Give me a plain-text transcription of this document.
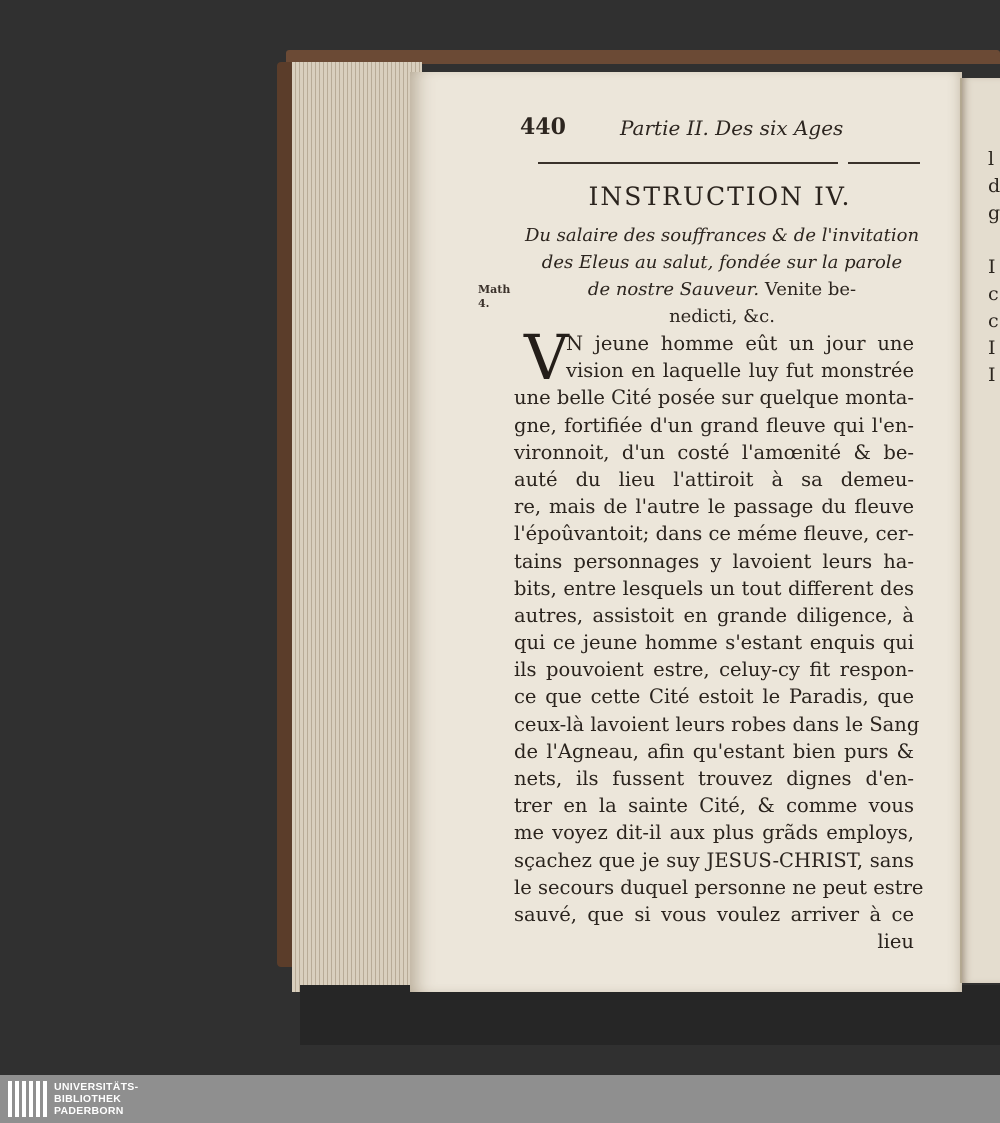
l
d
g
I
c
c
I
I
440	Partie II. Des six Ages
INSTRUCTION IV.
Du salaire des souffrances & de l'invitation
des Eleus au salut, fondée sur la parole
de nostre Sauveur. Venite be-
nedicti, &c.
Math
4.
V
N jeune homme eût un jour une
vision en laquelle luy fut monstrée
une belle Cité posée sur quelque monta-
gne, fortifiée d'un grand fleuve qui l'en-
vironnoit, d'un costé l'amœnité & be-
auté du lieu l'attiroit à sa demeu-
re, mais de l'autre le passage du fleuve
l'époûvantoit; dans ce méme fleuve, cer-
tains personnages y lavoient leurs ha-
bits, entre lesquels un tout different des
autres, assistoit en grande diligence, à
qui ce jeune homme s'estant enquis qui
ils pouvoient estre, celuy-cy fit respon-
ce que cette Cité estoit le Paradis, que
ceux-là lavoient leurs robes dans le Sang
de l'Agneau, afin qu'estant bien purs &
nets, ils fussent trouvez dignes d'en-
trer en la sainte Cité, & comme vous
me voyez dit-il aux plus grãds employs,
sçachez que je suy JESUS-CHRIST, sans
le secours duquel personne ne peut estre
sauvé, que si vous voulez arriver à ce
lieu
UNIVERSITÄTS-
BIBLIOTHEK
PADERBORN
